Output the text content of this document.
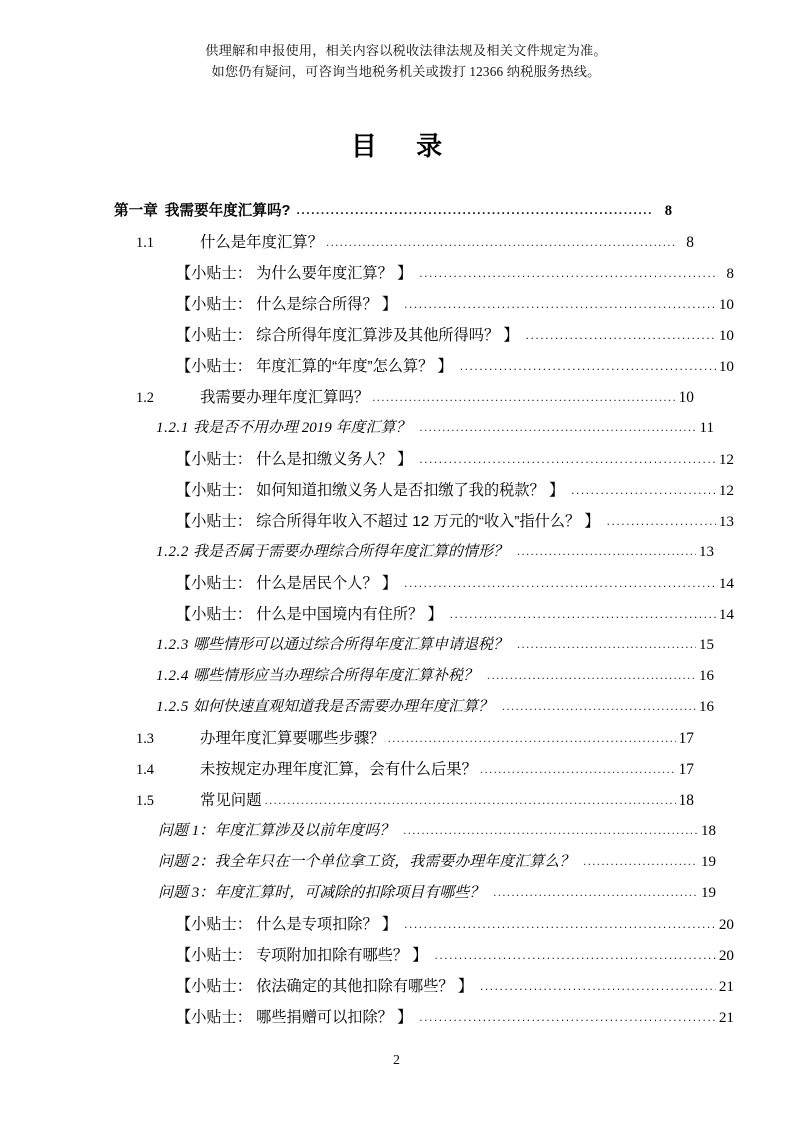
供理解和申报使用，相关内容以税收法律法规及相关文件规定为准。
如您仍有疑问，可咨询当地税务机关或拨打 12366 纳税服务热线。
目 录
第一章 我需要年度汇算吗? .....	8
1.1	什么是年度汇算？ .....	8
【小贴士： 为什么要年度汇算？ 】 .....	8
【小贴士： 什么是综合所得？ 】 .....	10
【小贴士： 综合所得年度汇算涉及其他所得吗？ 】 .....	10
【小贴士： 年度汇算的“年度”怎么算？ 】 .....	10
1.2	我需要办理年度汇算吗？ .....	10
1.2.1 我是否不用办理 2019 年度汇算？ .....	11
【小贴士： 什么是扣缴义务人？ 】 .....	12
【小贴士： 如何知道扣缴义务人是否扣缴了我的税款？ 】 .....	12
【小贴士： 综合所得年收入不超过 12 万元的“收入”指什么？ 】 .....	13
1.2.2 我是否属于需要办理综合所得年度汇算的情形？ .....	13
【小贴士： 什么是居民个人？ 】 .....	14
【小贴士： 什么是中国境内有住所？ 】 .....	14
1.2.3 哪些情形可以通过综合所得年度汇算申请退税？ .....	15
1.2.4 哪些情形应当办理综合所得年度汇算补税？ .....	16
1.2.5 如何快速直观知道我是否需要办理年度汇算？ .....	16
1.3	办理年度汇算要哪些步骤？ .....	17
1.4	未按规定办理年度汇算，会有什么后果？ .....	17
1.5	常见问题 .....	18
问题 1：年度汇算涉及以前年度吗？ .....	18
问题 2：我全年只在一个单位拿工资，我需要办理年度汇算么？ .....	19
问题 3：年度汇算时，可减除的扣除项目有哪些？ .....	19
【小贴士： 什么是专项扣除？ 】 .....	20
【小贴士： 专项附加扣除有哪些？ 】 .....	20
【小贴士： 依法确定的其他扣除有哪些？ 】 .....	21
【小贴士： 哪些捐赠可以扣除？ 】 .....	21
2
